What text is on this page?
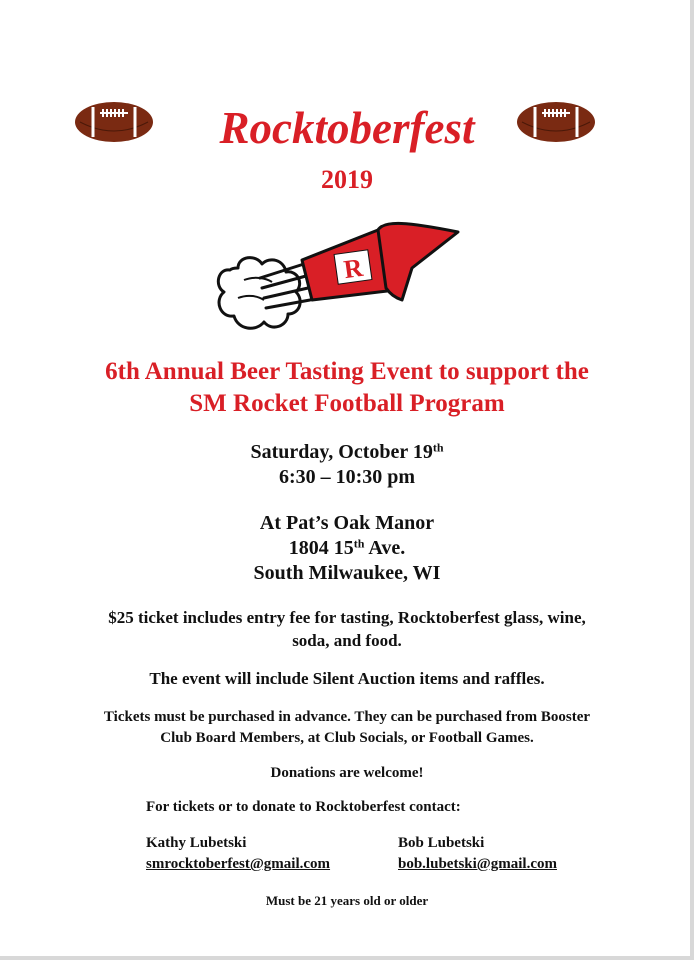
Rocktoberfest
2019
R
6th Annual Beer Tasting Event to support the
SM Rocket Football Program
Saturday, October 19th
6:30 – 10:30 pm
At Pat’s Oak Manor
1804 15th Ave.
South Milwaukee, WI
$25 ticket includes entry fee for tasting, Rocktoberfest glass, wine,
soda, and food.
The event will include Silent Auction items and raffles.
Tickets must be purchased in advance. They can be purchased from Booster
Club Board Members, at Club Socials, or Football Games.
Donations are welcome!
For tickets or to donate to Rocktoberfest contact:
Kathy Lubetski
smrocktoberfest@gmail.com
Bob Lubetski
bob.lubetski@gmail.com
Must be 21 years old or older
